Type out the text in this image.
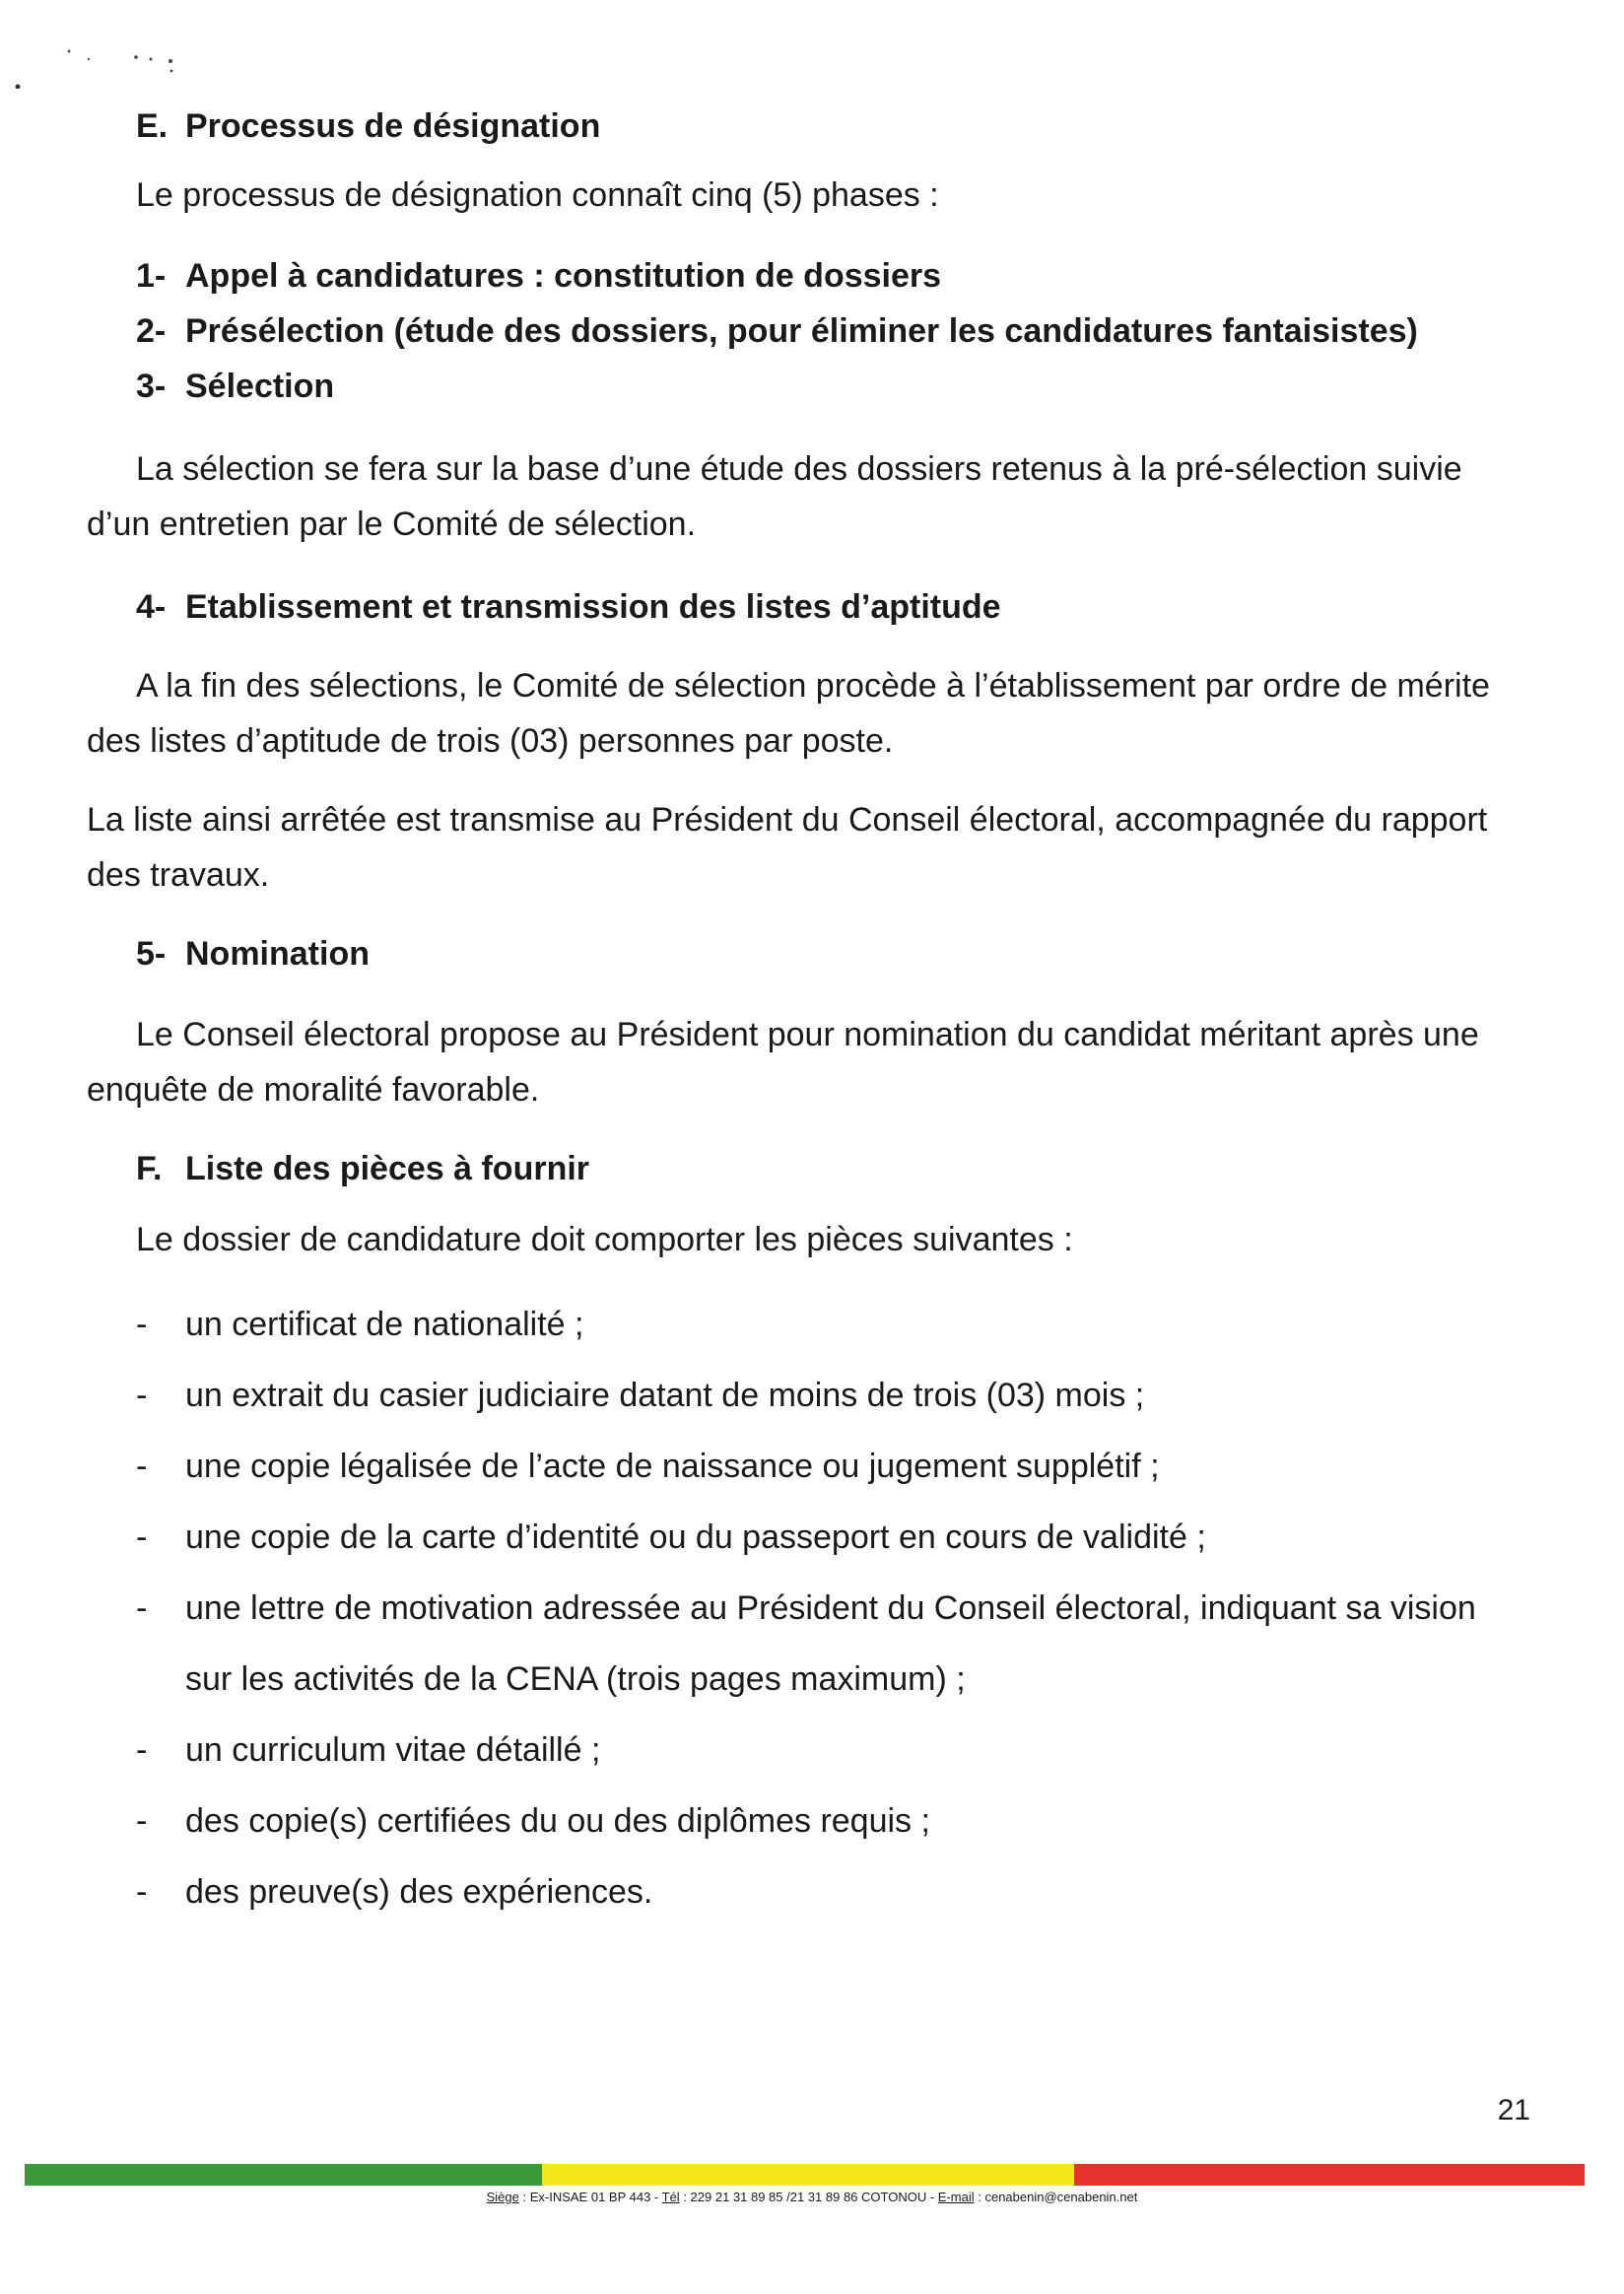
E. Processus de désignation

Le processus de désignation connaît cinq (5) phases :

1- Appel à candidatures : constitution de dossiers
2- Présélection (étude des dossiers, pour éliminer les candidatures fantaisistes)
3- Sélection

La sélection se fera sur la base d’une étude des dossiers retenus à la pré-sélection suivie d’un entretien par le Comité de sélection.

4- Etablissement et transmission des listes d’aptitude

A la fin des sélections, le Comité de sélection procède à l’établissement par ordre de mérite des listes d’aptitude de trois (03) personnes par poste.

La liste ainsi arrêtée est transmise au Président du Conseil électoral, accompagnée du rapport des travaux.

5- Nomination

Le Conseil électoral propose au Président pour nomination du candidat méritant après une enquête de moralité favorable.

F. Liste des pièces à fournir

Le dossier de candidature doit comporter les pièces suivantes :

- un certificat de nationalité ;
- un extrait du casier judiciaire datant de moins de trois (03) mois ;
- une copie légalisée de l’acte de naissance ou jugement supplétif ;
- une copie de la carte d’identité ou du passeport en cours de validité ;
- une lettre de motivation adressée au Président du Conseil électoral, indiquant sa vision sur les activités de la CENA (trois pages maximum) ;
- un curriculum vitae détaillé ;
- des copie(s) certifiées du ou des diplômes requis ;
- des preuve(s) des expériences.
21
Siège : Ex-INSAE 01 BP 443 - Tél : 229 21 31 89 85 /21 31 89 86 COTONOU - E-mail : cenabenin@cenabenin.net
